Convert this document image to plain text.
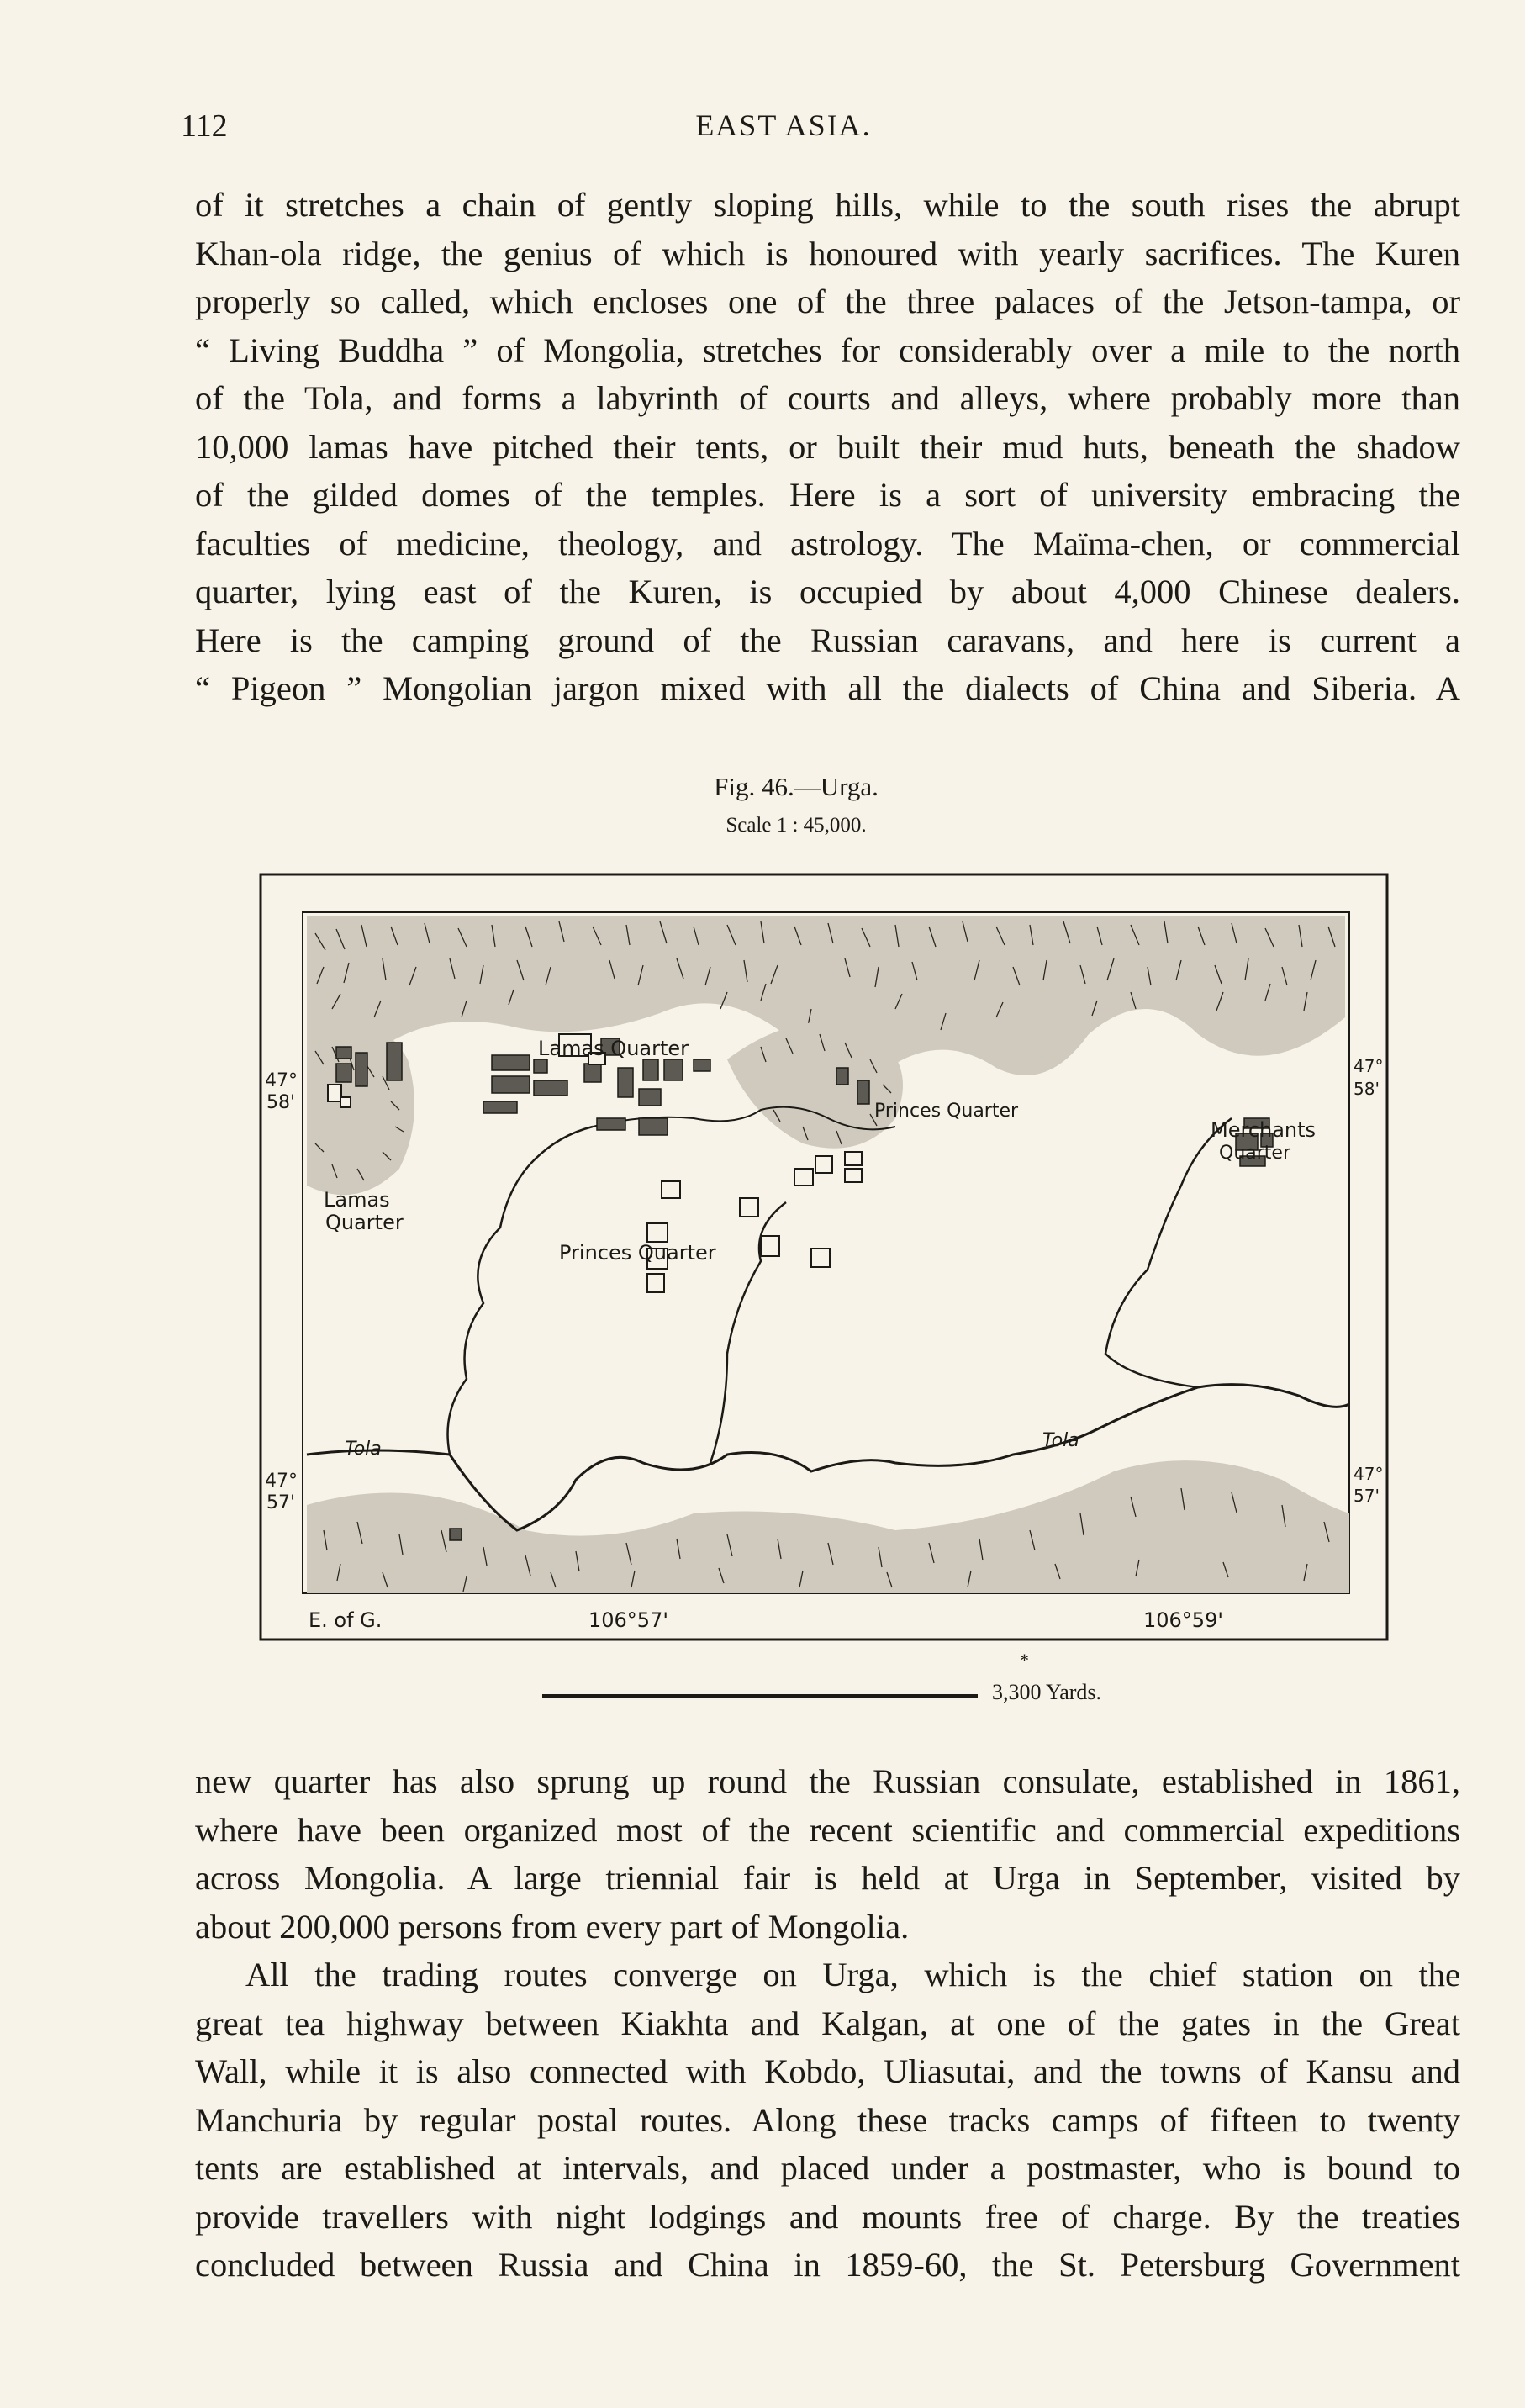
112	EAST ASIA.
of it stretches a chain of gently sloping hills, while to the south rises the abrupt
Khan-ola ridge, the genius of which is honoured with yearly sacrifices. The Kuren
properly so called, which encloses one of the three palaces of the Jetson-tampa, or
“ Living Buddha ” of Mongolia, stretches for considerably over a mile to the north
of the Tola, and forms a labyrinth of courts and alleys, where probably more than
10,000 lamas have pitched their tents, or built their mud huts, beneath the shadow
of the gilded domes of the temples. Here is a sort of university embracing the
faculties of medicine, theology, and astrology. The Maïma-chen, or commercial
quarter, lying east of the Kuren, is occupied by about 4,000 Chinese dealers.
Here is the camping ground of the Russian caravans, and here is current a
“ Pigeon ” Mongolian jargon mixed with all the dialects of China and Siberia. A
Fig. 46.—Urga.
Scale 1 : 45,000.
Lamas Quarter
Lamas
Quarter
Princes Quarter
Princes Quarter
Merchants
Quarter
Tola	Tola
47°
58'
47°
58'
47°
57'
47°
57'
E. of G.	106°57'	106°59'
*
3,300 Yards.
new quarter has also sprung up round the Russian consulate, established in 1861,
where have been organized most of the recent scientific and commercial expeditions
across Mongolia. A large triennial fair is held at Urga in September, visited by
about 200,000 persons from every part of Mongolia.
All the trading routes converge on Urga, which is the chief station on the
great tea highway between Kiakhta and Kalgan, at one of the gates in the Great
Wall, while it is also connected with Kobdo, Uliasutai, and the towns of Kansu and
Manchuria by regular postal routes. Along these tracks camps of fifteen to twenty
tents are established at intervals, and placed under a postmaster, who is bound to
provide travellers with night lodgings and mounts free of charge. By the treaties
concluded between Russia and China in 1859-60, the St. Petersburg Government
